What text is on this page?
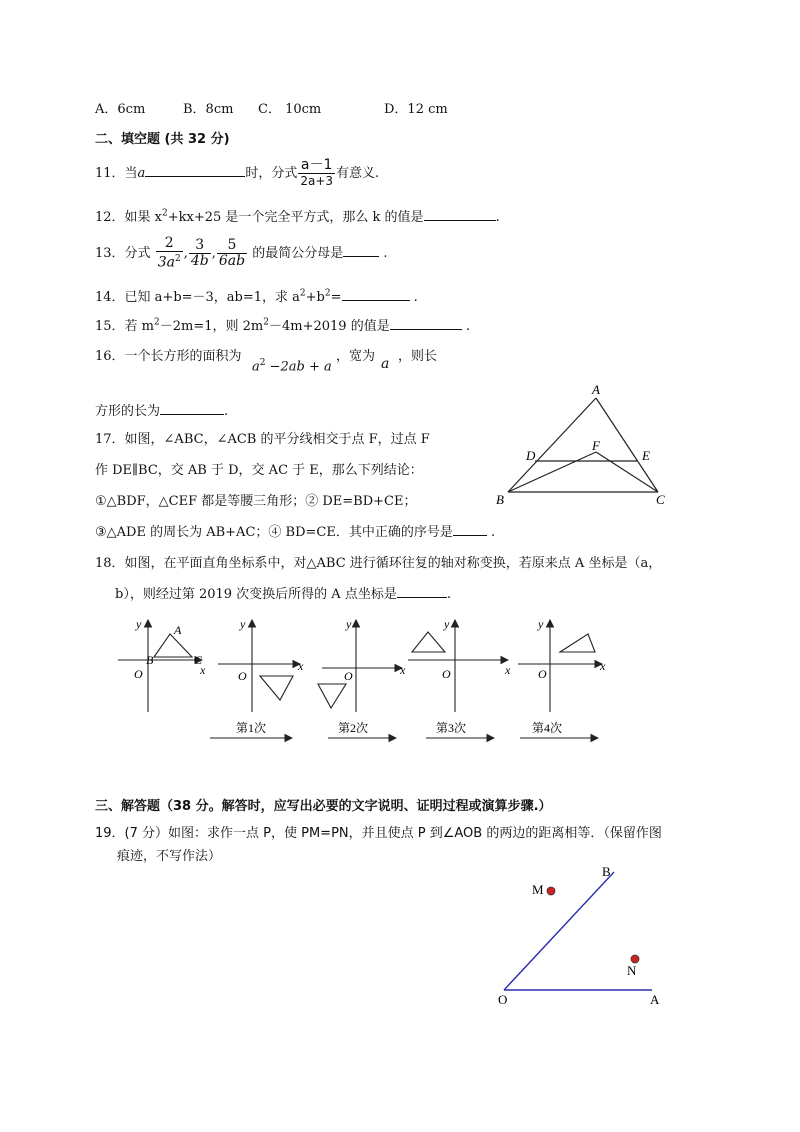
A．6cm	B．8cm C． 10cm	D．12 cm
二、填空题 (共 32 分)
11．当a	时，分式 $\frac{a-1}{2a+3}$ 有意义.
12．如果 $x^2+kx+25$ 是一个完全平方式，那么 k 的值是	.
13．分式 $\frac{2}{3a^2}$ , $\frac{3}{4b}$ , $\frac{5}{6ab}$ 的最简公分母是	.
14．已知 a+b=－3，ab=1，求 $a^2+b^2=$	.
15．若 $m^2-2m=1$，则 $2m^2-4m+2019$ 的值是	.
16．一个长方形的面积为
$a^2 -2ab + a$
，宽为 a ，则长
方形的长为	.
17．如图，∠ABC，∠ACB 的平分线相交于点 F，过点 F
作 DE∥BC，交 AB 于 D，交 AC 于 E，那么下列结论：
①△BDF，△CEF 都是等腰三角形；② DE=BD+CE；
③△ADE 的周长为 AB+AC；④ BD=CE．其中正确的序号是	.
A
B	C
D	E
F
18．如图，在平面直角坐标系中，对△ABC 进行循环往复的轴对称变换，若原来点 A 坐标是（a，
b），则经过第 2019 次变换后所得的 A 点坐标是	.
y
x
O
A
B	C
y
x
O
y
x
O
y
x
O
y
x
O
第1次	第2次	第3次	第4次
三、解答题（38 分。解答时，应写出必要的文字说明、证明过程或演算步骤.）
19．(7 分）如图：求作一点 P，使 PM=PN，并且使点 P 到∠AOB 的两边的距离相等．（保留作图
痕迹，不写作法）
M
N
B
O	A
